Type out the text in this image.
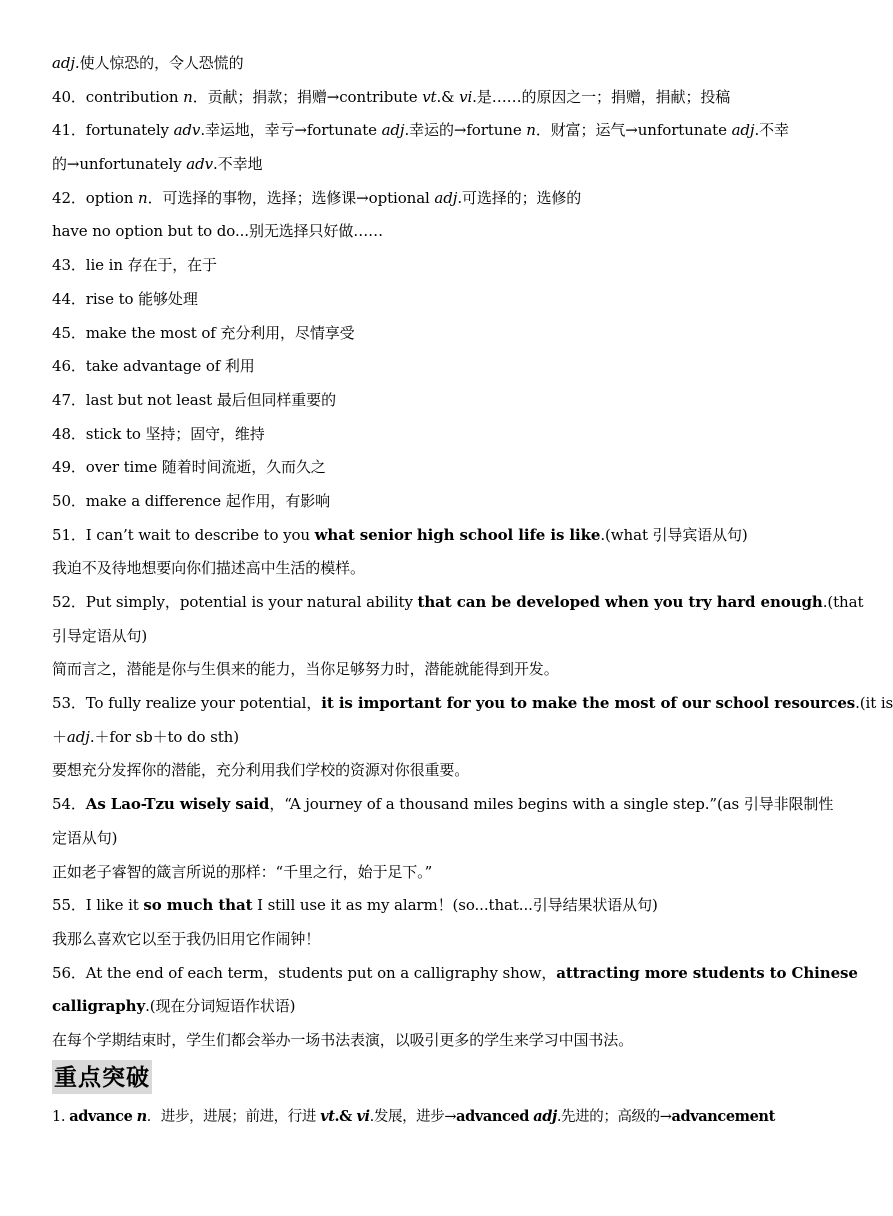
adj.使人惊恐的，令人恐慌的
40．contribution n．贡献；捐款；捐赠→contribute vt.& vi.是……的原因之一；捐赠，捐献；投稿
41．fortunately adv.幸运地，幸亏→fortunate adj.幸运的→fortune n．财富；运气→unfortunate adj.不幸
的→unfortunately adv.不幸地
42．option n．可选择的事物，选择；选修课→optional adj.可选择的；选修的
have no option but to do...别无选择只好做……
43．lie in 存在于，在于
44．rise to 能够处理
45．make the most of 充分利用，尽情享受
46．take advantage of 利用
47．last but not least 最后但同样重要的
48．stick to 坚持；固守，维持
49．over time 随着时间流逝，久而久之
50．make a difference 起作用，有影响
51．I can’t wait to describe to you what senior high school life is like.(what 引导宾语从句)
我迫不及待地想要向你们描述高中生活的模样。
52．Put simply，potential is your natural ability that can be developed when you try hard enough.(that
引导定语从句)
简而言之，潜能是你与生俱来的能力，当你足够努力时，潜能就能得到开发。
53．To fully realize your potential，it is important for you to make the most of our school resources.(it is
＋adj.＋for sb＋to do sth)
要想充分发挥你的潜能，充分利用我们学校的资源对你很重要。
54．As Lao-Tzu wisely said，“A journey of a thousand miles begins with a single step.”(as 引导非限制性
定语从句)
正如老子睿智的箴言所说的那样：“千里之行，始于足下。”
55．I like it so much that I still use it as my alarm！(so...that...引导结果状语从句)
我那么喜欢它以至于我仍旧用它作闹钟！
56．At the end of each term，students put on a calligraphy show，attracting more students to Chinese
calligraphy.(现在分词短语作状语)
在每个学期结束时，学生们都会举办一场书法表演，以吸引更多的学生来学习中国书法。
重点突破
1. advance n．进步，进展；前进，行进 vt.& vi.发展，进步→advanced adj.先进的；高级的→advancement
